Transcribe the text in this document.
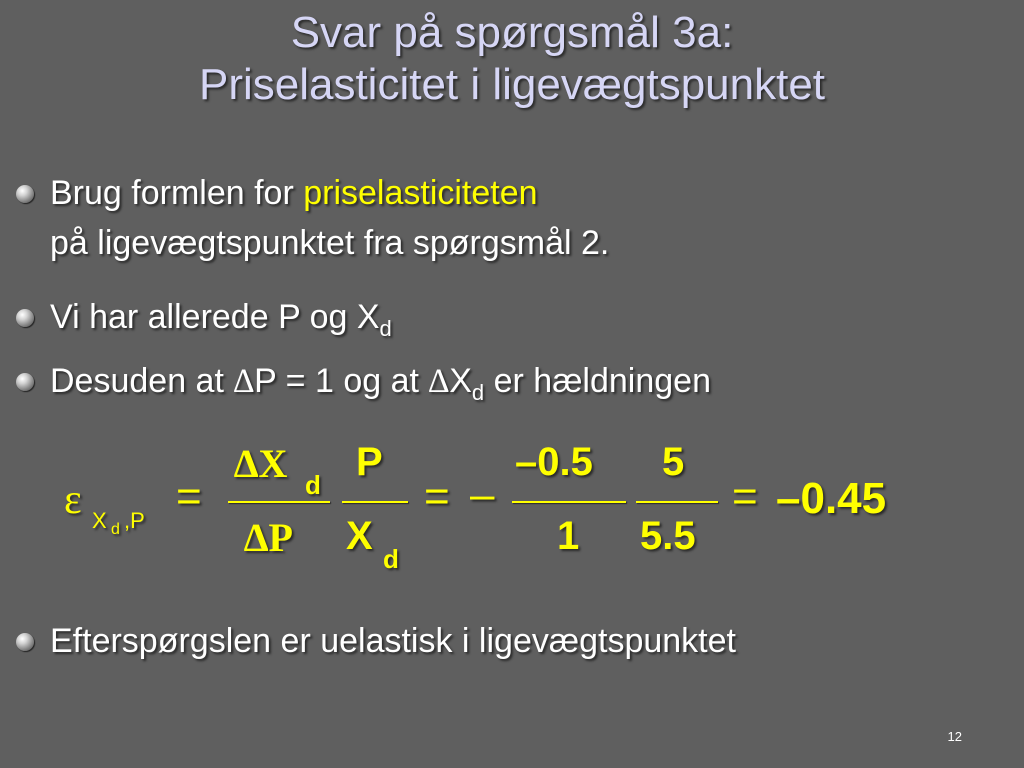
Svar på spørgsmål 3a:
Priselasticitet i ligevægtspunktet
Brug formlen for priselasticiteten
på ligevægtspunktet fra spørgsmål 2.
Vi har allerede P og $X_d$
Desuden at ∆P = 1 og at $\Delta X_d$ er hældningen
ε X d ,P =
∆X d
∆P
P
X
d
= –
–0.5
1
5
5.5
= –0.45
Efterspørgslen er uelastisk i ligevægtspunktet
12
